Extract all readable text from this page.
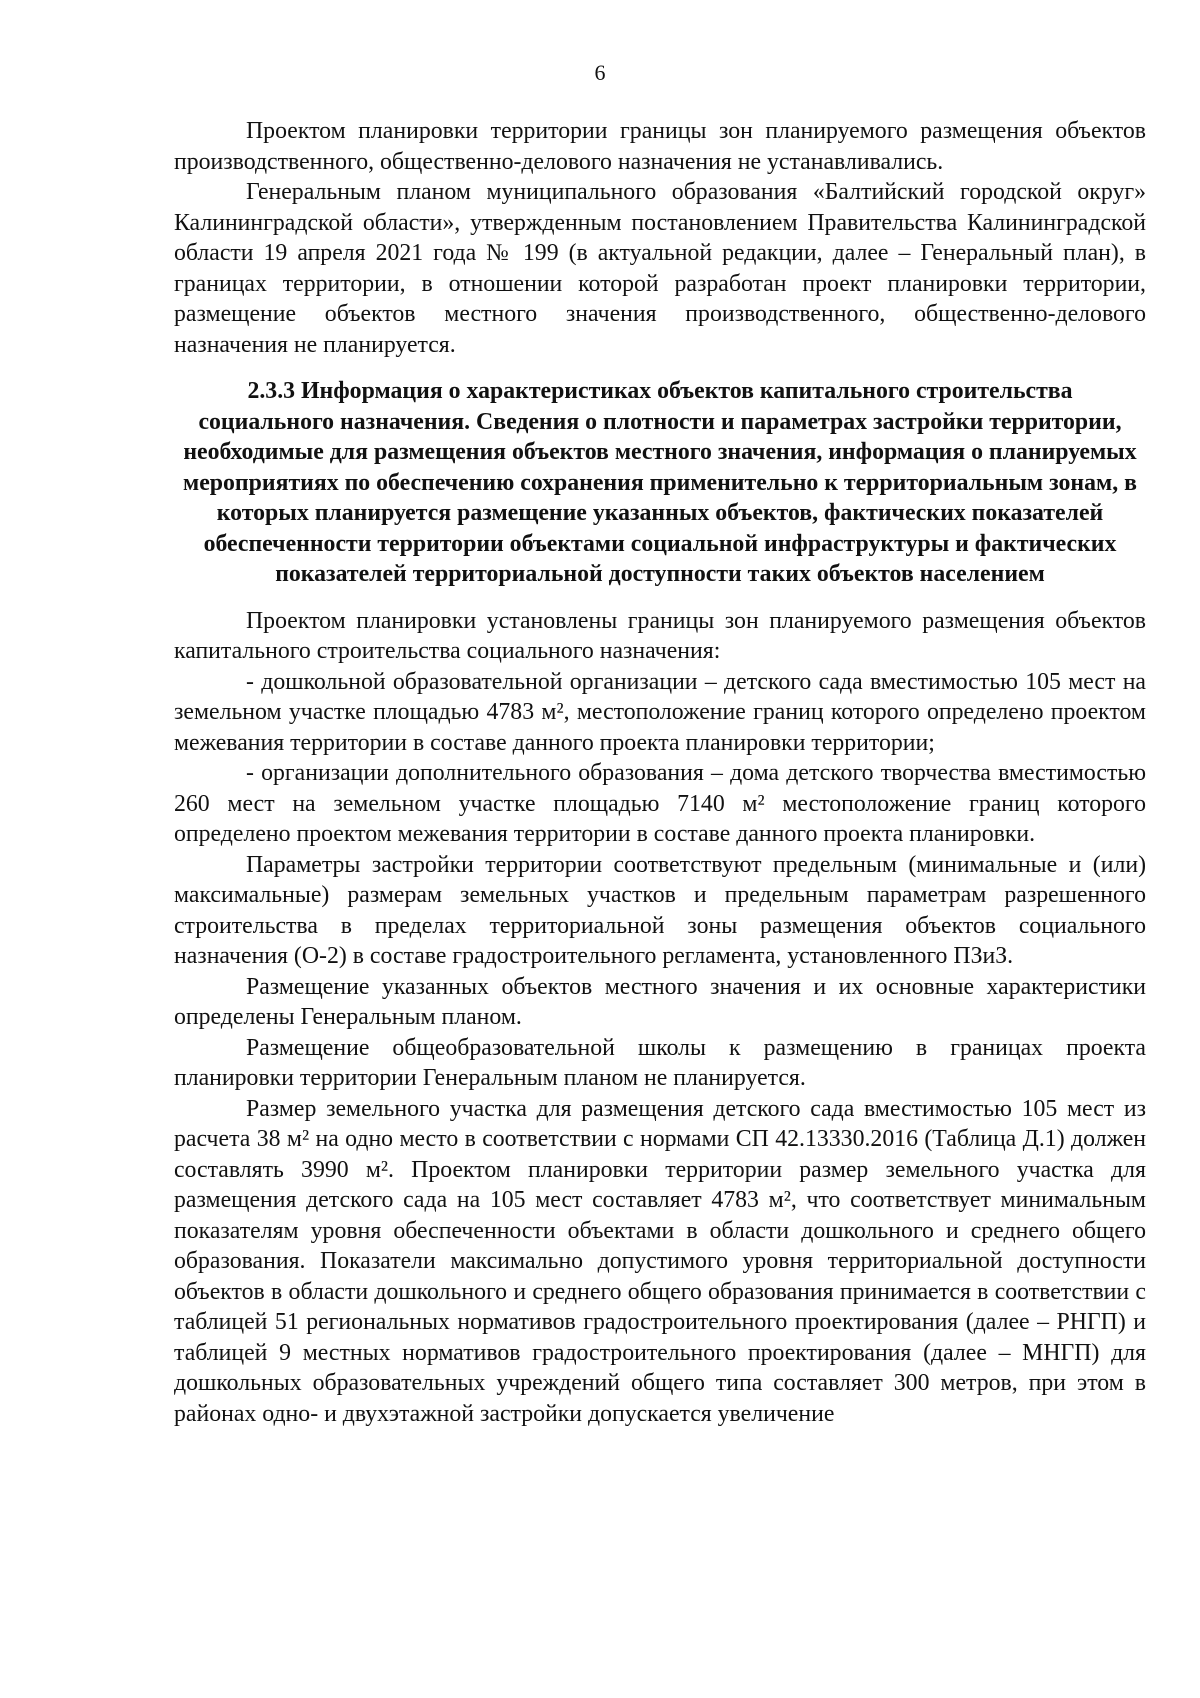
6

Проектом планировки территории границы зон планируемого размещения объектов производственного, общественно-делового назначения не устанавливались.

Генеральным планом муниципального образования «Балтийский городской округ» Калининградской области», утвержденным постановлением Правительства Калининградской области 19 апреля 2021 года № 199 (в актуальной редакции, далее – Генеральный план), в границах территории, в отношении которой разработан проект планировки территории, размещение объектов местного значения производственного, общественно-делового назначения не планируется.

2.3.3 Информация о характеристиках объектов капитального строительства социального назначения. Сведения о плотности и параметрах застройки территории, необходимые для размещения объектов местного значения, информация о планируемых мероприятиях по обеспечению сохранения применительно к территориальным зонам, в которых планируется размещение указанных объектов, фактических показателей обеспеченности территории объектами социальной инфраструктуры и фактических показателей территориальной доступности таких объектов населением

Проектом планировки установлены границы зон планируемого размещения объектов капитального строительства социального назначения:

- дошкольной образовательной организации – детского сада вместимостью 105 мест на земельном участке площадью 4783 м², местоположение границ которого определено проектом межевания территории в составе данного проекта планировки территории;

- организации дополнительного образования – дома детского творчества вместимостью 260 мест на земельном участке площадью 7140 м² местоположение границ которого определено проектом межевания территории в составе данного проекта планировки.

Параметры застройки территории соответствуют предельным (минимальные и (или) максимальные) размерам земельных участков и предельным параметрам разрешенного строительства в пределах территориальной зоны размещения объектов социального назначения (О-2) в составе градостроительного регламента, установленного ПЗиЗ.

Размещение указанных объектов местного значения и их основные характеристики определены Генеральным планом.

Размещение общеобразовательной школы к размещению в границах проекта планировки территории Генеральным планом не планируется.

Размер земельного участка для размещения детского сада вместимостью 105 мест из расчета 38 м² на одно место в соответствии с нормами СП 42.13330.2016 (Таблица Д.1) должен составлять 3990 м². Проектом планировки территории размер земельного участка для размещения детского сада на 105 мест составляет 4783 м², что соответствует минимальным показателям уровня обеспеченности объектами в области дошкольного и среднего общего образования. Показатели максимально допустимого уровня территориальной доступности объектов в области дошкольного и среднего общего образования принимается в соответствии с таблицей 51 региональных нормативов градостроительного проектирования (далее – РНГП) и таблицей 9 местных нормативов градостроительного проектирования (далее – МНГП) для дошкольных образовательных учреждений общего типа составляет 300 метров, при этом в районах одно- и двухэтажной застройки допускается увеличение
